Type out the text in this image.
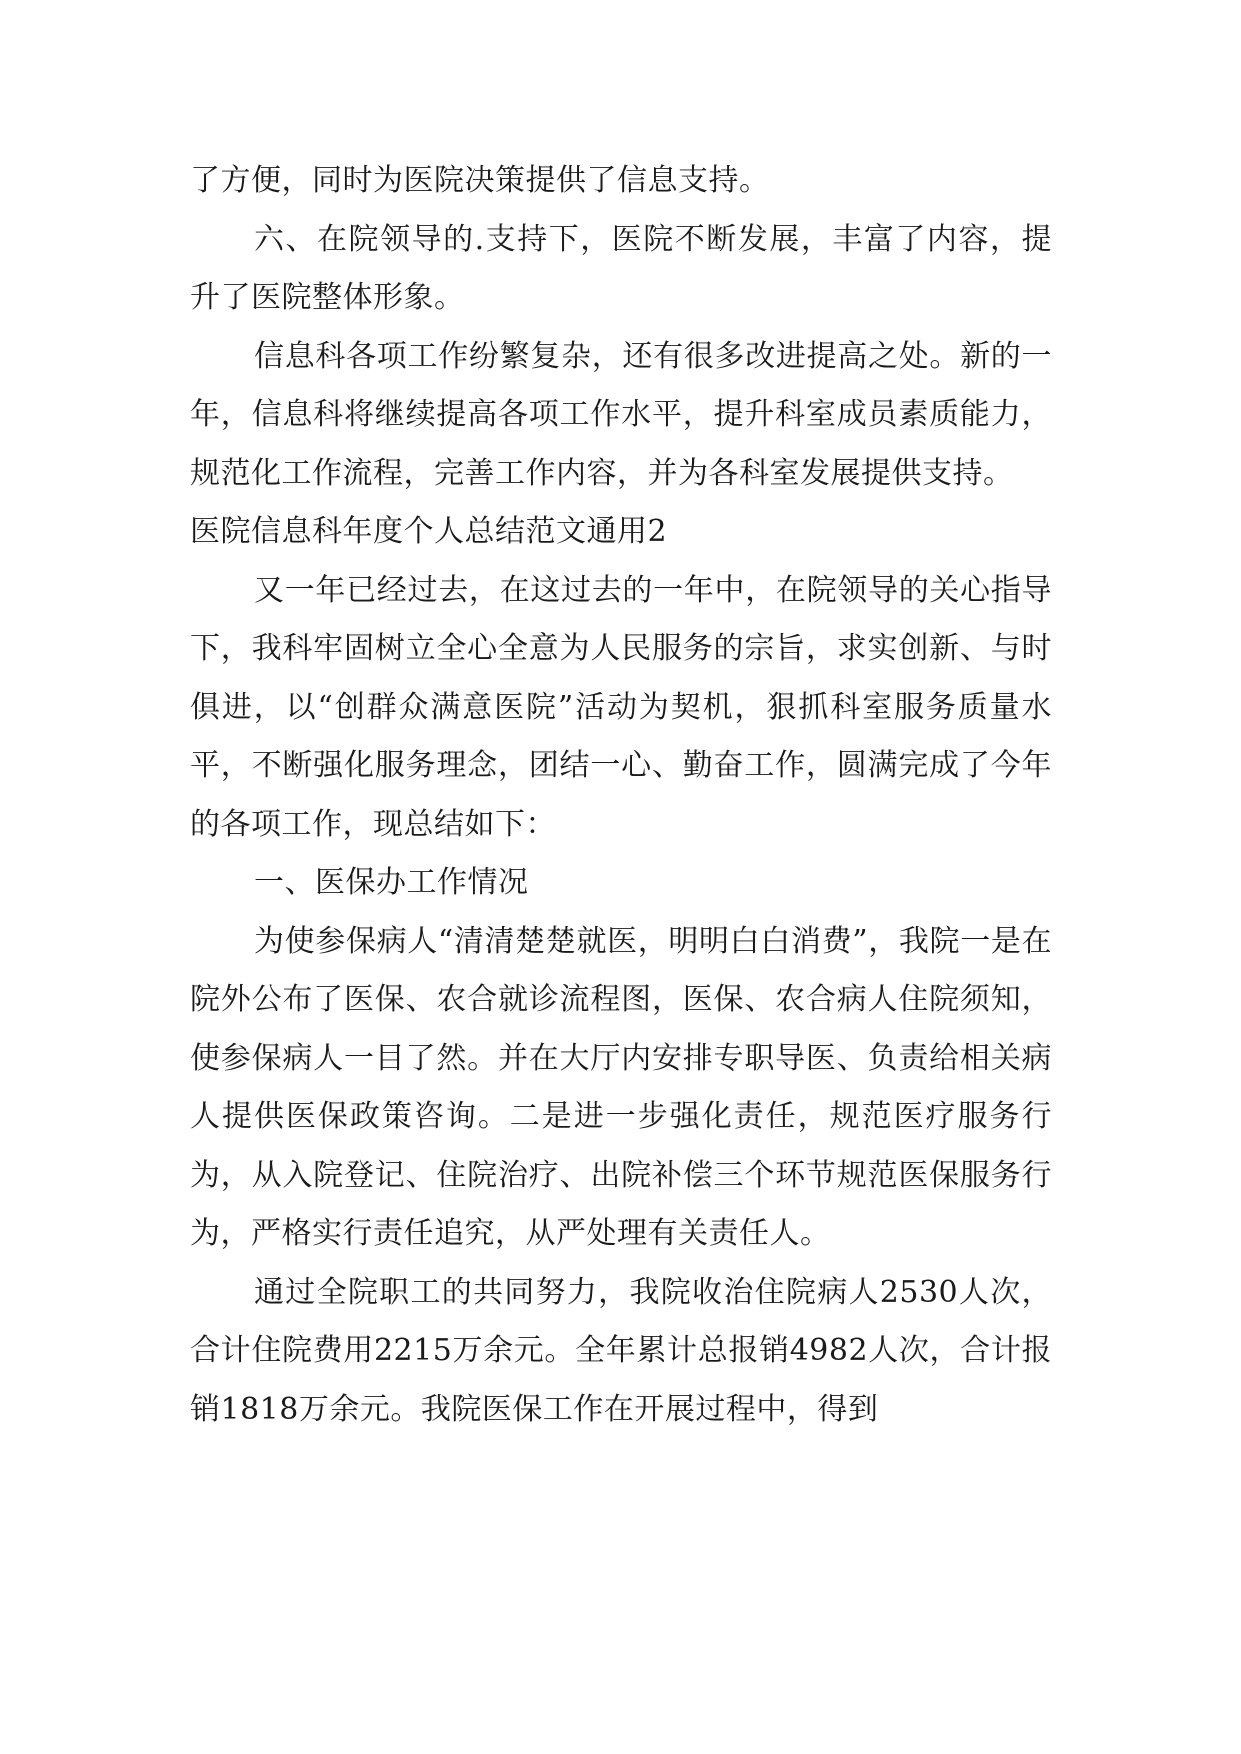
了方便，同时为医院决策提供了信息支持。

六、在院领导的.支持下，医院不断发展，丰富了内容，提升了医院整体形象。

信息科各项工作纷繁复杂，还有很多改进提高之处。新的一年，信息科将继续提高各项工作水平，提升科室成员素质能力，规范化工作流程，完善工作内容，并为各科室发展提供支持。

医院信息科年度个人总结范文通用2

又一年已经过去，在这过去的一年中，在院领导的关心指导下，我科牢固树立全心全意为人民服务的宗旨，求实创新、与时俱进，以“创群众满意医院”活动为契机，狠抓科室服务质量水平，不断强化服务理念，团结一心、勤奋工作，圆满完成了今年的各项工作，现总结如下：

一、医保办工作情况

为使参保病人“清清楚楚就医，明明白白消费”，我院一是在院外公布了医保、农合就诊流程图，医保、农合病人住院须知，使参保病人一目了然。并在大厅内安排专职导医、负责给相关病人提供医保政策咨询。二是进一步强化责任，规范医疗服务行为，从入院登记、住院治疗、出院补偿三个环节规范医保服务行为，严格实行责任追究，从严处理有关责任人。

通过全院职工的共同努力，我院收治住院病人2530人次，合计住院费用2215万余元。全年累计总报销4982人次，合计报销1818万余元。我院医保工作在开展过程中，得到
